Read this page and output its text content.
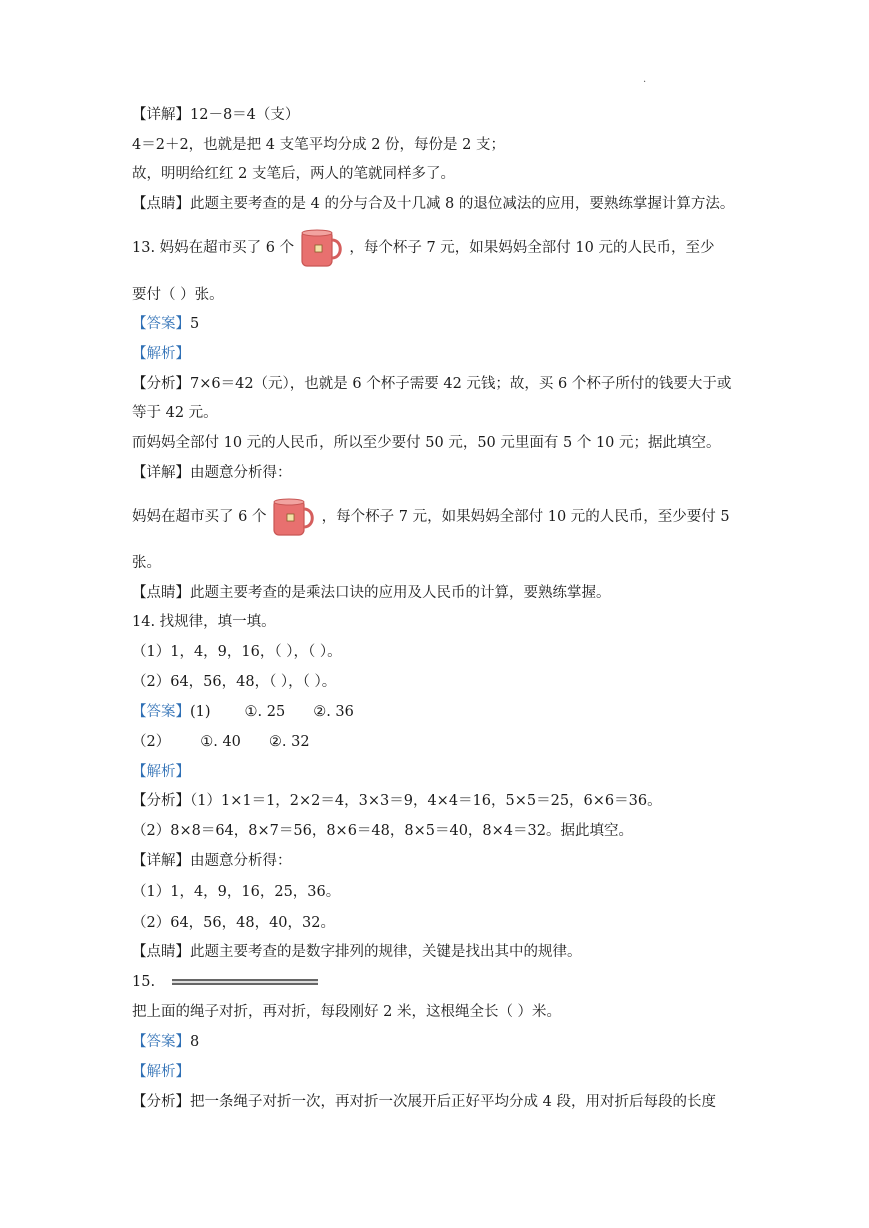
.
【详解】12－8＝4（支）
4＝2＋2，也就是把 4 支笔平均分成 2 份，每份是 2 支；
故，明明给红红 2 支笔后，两人的笔就同样多了。
【点睛】此题主要考查的是 4 的分与合及十几减 8 的退位减法的应用，要熟练掌握计算方法。
13. 妈妈在超市买了 6 个	，每个杯子 7 元，如果妈妈全部付 10 元的人民币，至少
要付（ ）张。
【答案】5
【解析】
【分析】7×6＝42（元），也就是 6 个杯子需要 42 元钱；故，买 6 个杯子所付的钱要大于或
等于 42 元。
而妈妈全部付 10 元的人民币，所以至少要付 50 元，50 元里面有 5 个 10 元；据此填空。
【详解】由题意分析得：
妈妈在超市买了 6 个	，每个杯子 7 元，如果妈妈全部付 10 元的人民币，至少要付 5
张。
【点睛】此题主要考查的是乘法口诀的应用及人民币的计算，要熟练掌握。
14. 找规律，填一填。
（1）1，4，9，16，（ ），（ ）。
（2）64，56，48，（ ），（ ）。
【答案】(1) ①. 25 ②. 36
（2） ①. 40 ②. 32
【解析】
【分析】（1）1×1＝1，2×2＝4，3×3＝9，4×4＝16，5×5＝25，6×6＝36。
（2）8×8＝64，8×7＝56，8×6＝48，8×5＝40，8×4＝32。据此填空。
【详解】由题意分析得：
（1）1，4，9，16，25，36。
（2）64，56，48，40，32。
【点睛】此题主要考查的是数字排列的规律，关键是找出其中的规律。
15.
把上面的绳子对折，再对折，每段刚好 2 米，这根绳全长（ ）米。
【答案】8
【解析】
【分析】把一条绳子对折一次，再对折一次展开后正好平均分成 4 段，用对折后每段的长度
